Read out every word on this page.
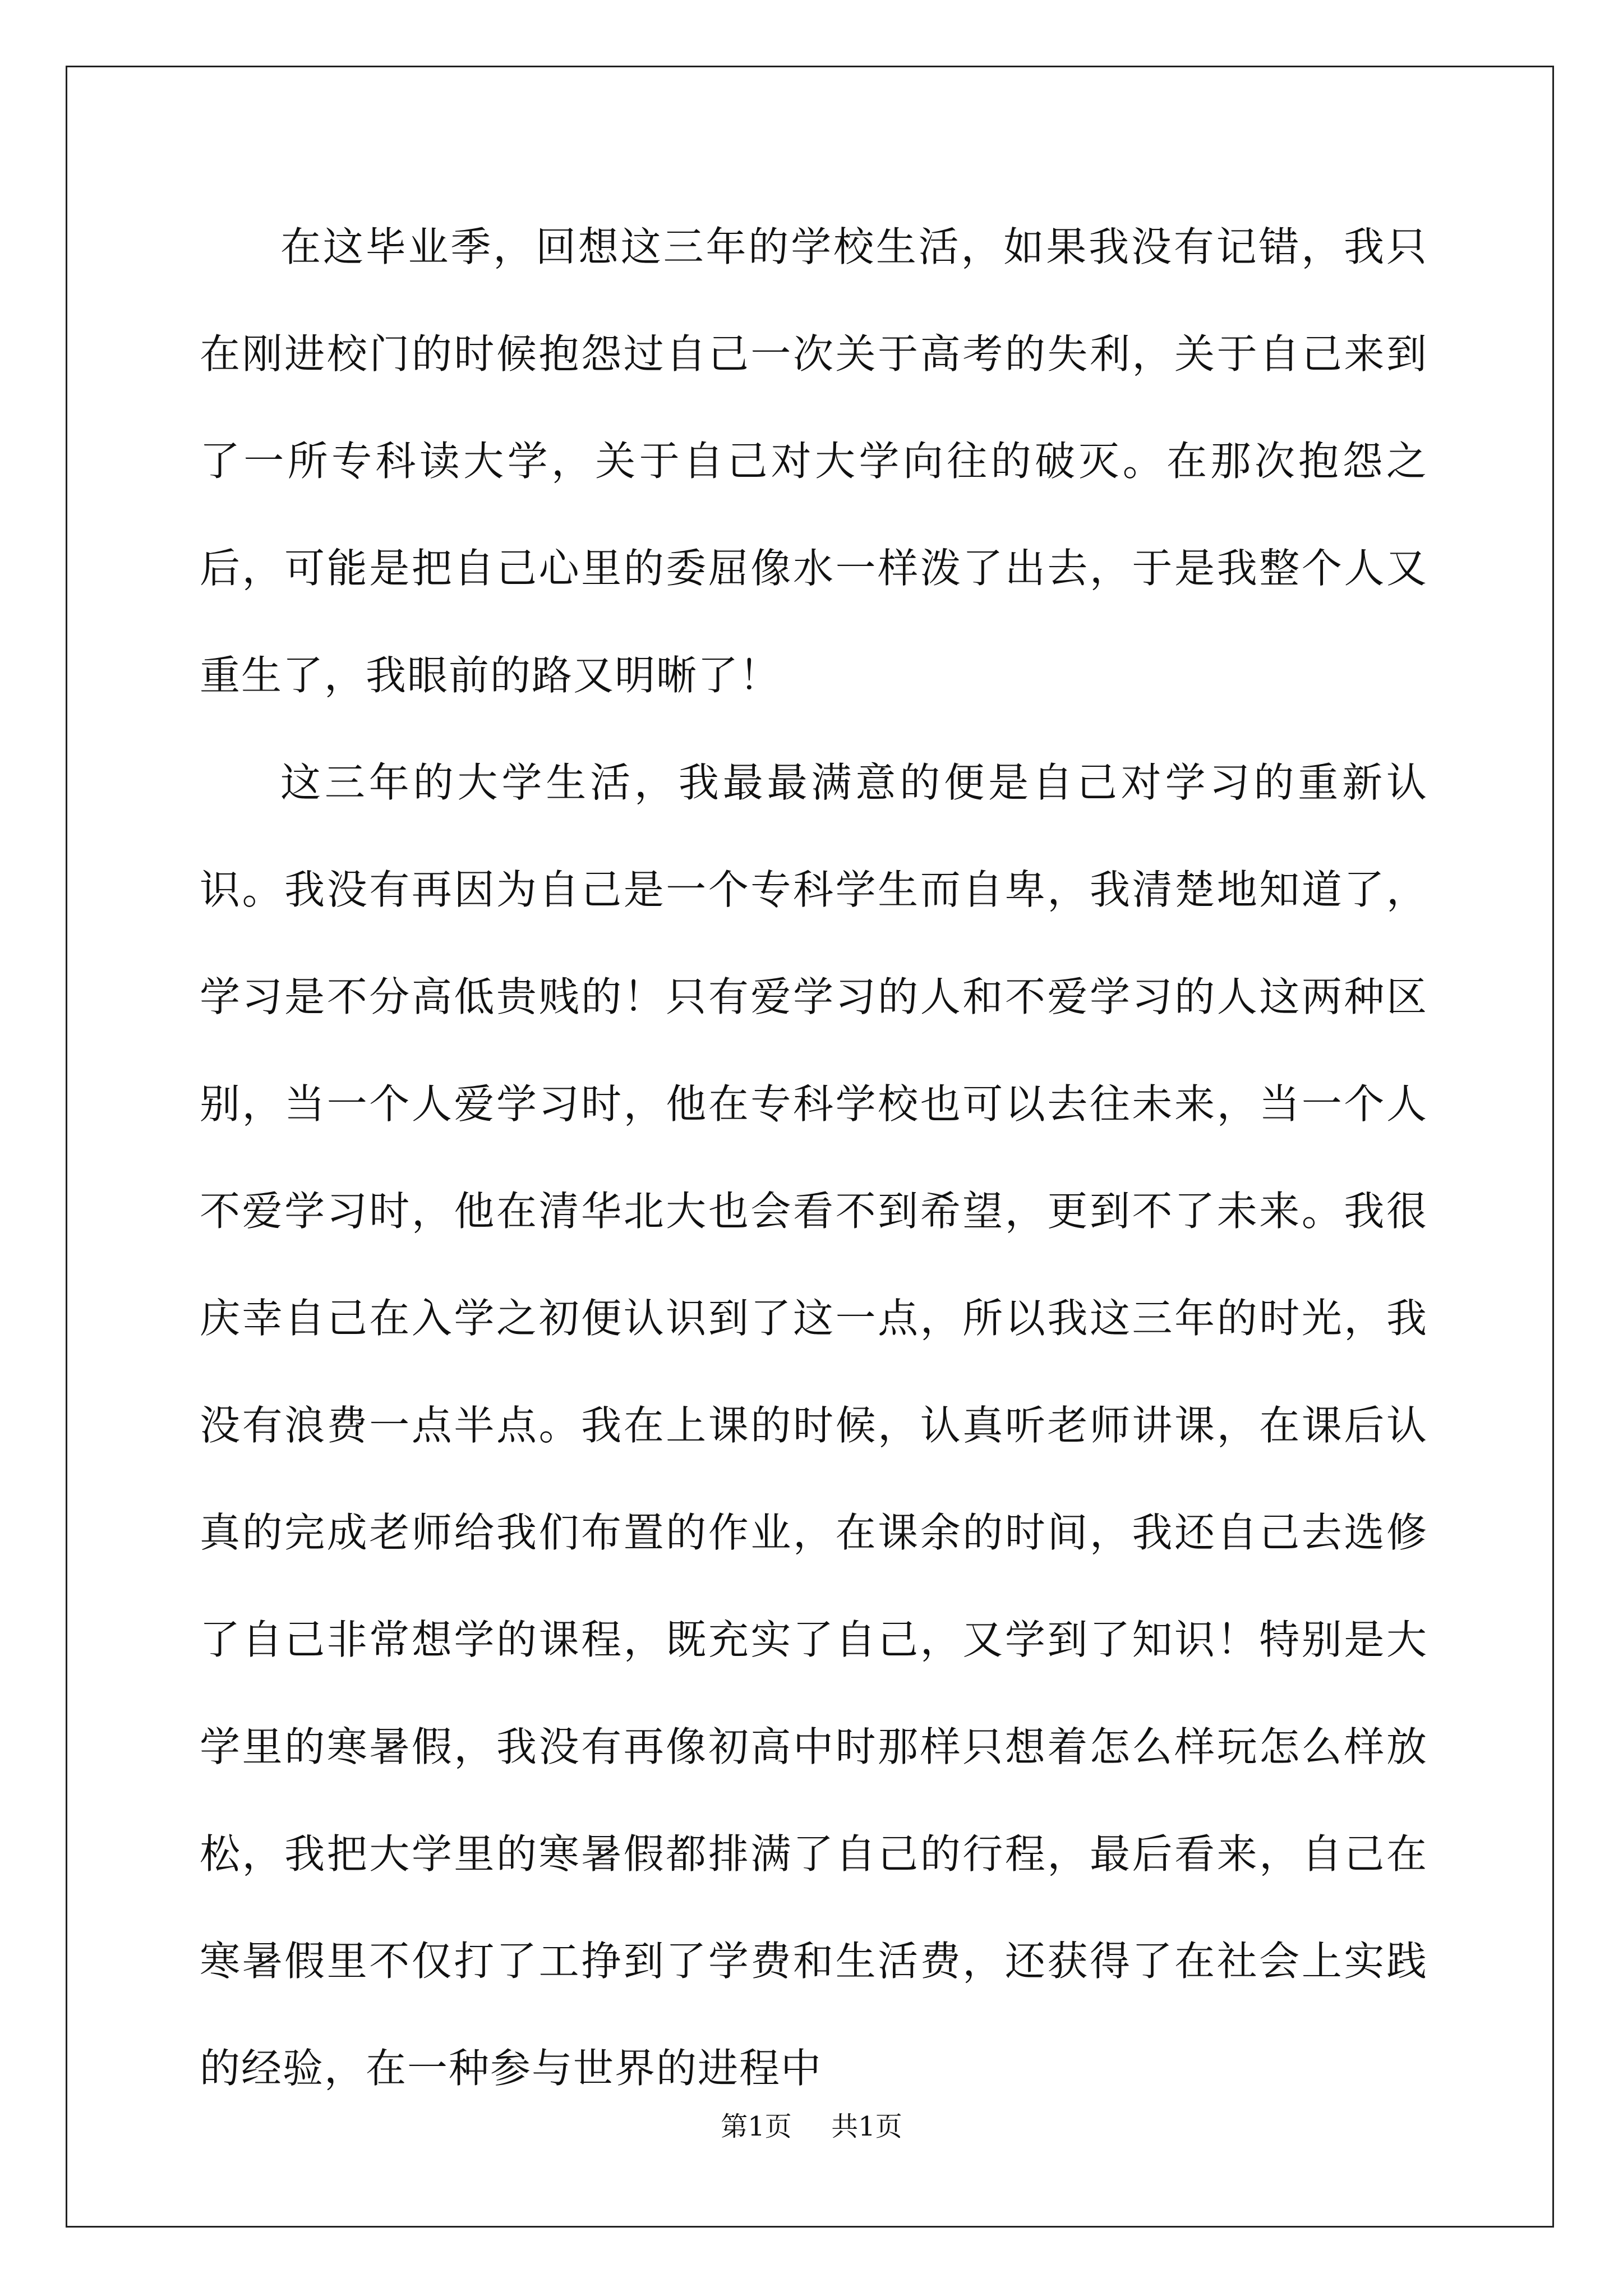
在这毕业季，回想这三年的学校生活，如果我没有记错，我只在刚进校门的时候抱怨过自己一次关于高考的失利，关于自己来到了一所专科读大学，关于自己对大学向往的破灭。在那次抱怨之后，可能是把自己心里的委屈像水一样泼了出去，于是我整个人又重生了，我眼前的路又明晰了！

这三年的大学生活，我最最满意的便是自己对学习的重新认识。我没有再因为自己是一个专科学生而自卑，我清楚地知道了，学习是不分高低贵贱的！只有爱学习的人和不爱学习的人这两种区别，当一个人爱学习时，他在专科学校也可以去往未来，当一个人不爱学习时，他在清华北大也会看不到希望，更到不了未来。我很庆幸自己在入学之初便认识到了这一点，所以我这三年的时光，我没有浪费一点半点。我在上课的时候，认真听老师讲课，在课后认真的完成老师给我们布置的作业，在课余的时间，我还自己去选修了自己非常想学的课程，既充实了自己，又学到了知识！特别是大学里的寒暑假，我没有再像初高中时那样只想着怎么样玩怎么样放松，我把大学里的寒暑假都排满了自己的行程，最后看来，自己在寒暑假里不仅打了工挣到了学费和生活费，还获得了在社会上实践的经验，在一种参与世界的进程中

第1页 共1页
